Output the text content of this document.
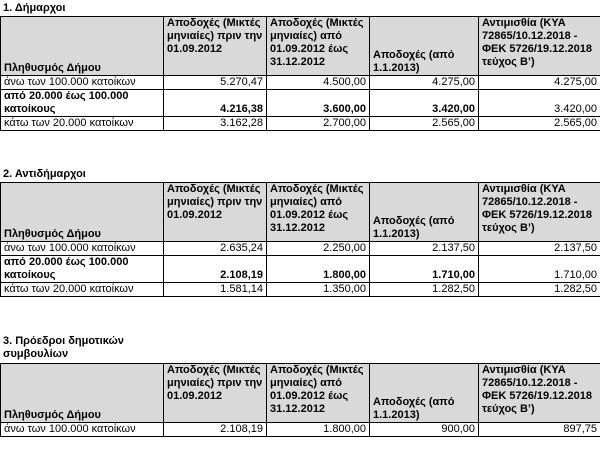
1. Δήμαρχοι
Πληθυσμός Δήμου	Αποδοχές (Μικτές μηνιαίες) πριν την 01.09.2012	Αποδοχές (Μικτές μηνιαίες) από 01.09.2012 έως 31.12.2012	Αποδοχές (από 1.1.2013)	Αντιμισθία (ΚΥΑ 72865/10.12.2018 - ΦΕΚ 5726/19.12.2018 τεύχος Β’)
άνω των 100.000 κατοίκων	5.270,47	4.500,00	4.275,00	4.275,00
από 20.000 έως 100.000 κατοίκους	4.216,38	3.600,00	3.420,00	3.420,00
κάτω των 20.000 κατοίκων	3.162,28	2.700,00	2.565,00	2.565,00
2. Αντιδήμαρχοι
Πληθυσμός Δήμου	Αποδοχές (Μικτές μηνιαίες) πριν την 01.09.2012	Αποδοχές (Μικτές μηνιαίες) από 01.09.2012 έως 31.12.2012	Αποδοχές (από 1.1.2013)	Αντιμισθία (ΚΥΑ 72865/10.12.2018 - ΦΕΚ 5726/19.12.2018 τεύχος Β’)
άνω των 100.000 κατοίκων	2.635,24	2.250,00	2.137,50	2.137,50
από 20.000 έως 100.000 κατοίκους	2.108,19	1.800,00	1.710,00	1.710,00
κάτω των 20.000 κατοίκων	1.581,14	1.350,00	1.282,50	1.282,50
3. Πρόεδροι δημοτικών συμβουλίων
Πληθυσμός Δήμου	Αποδοχές (Μικτές μηνιαίες) πριν την 01.09.2012	Αποδοχές (Μικτές μηνιαίες) από 01.09.2012 έως 31.12.2012	Αποδοχές (από 1.1.2013)	Αντιμισθία (ΚΥΑ 72865/10.12.2018 - ΦΕΚ 5726/19.12.2018 τεύχος Β’)
άνω των 100.000 κατοίκων	2.108,19	1.800,00	900,00	897,75
